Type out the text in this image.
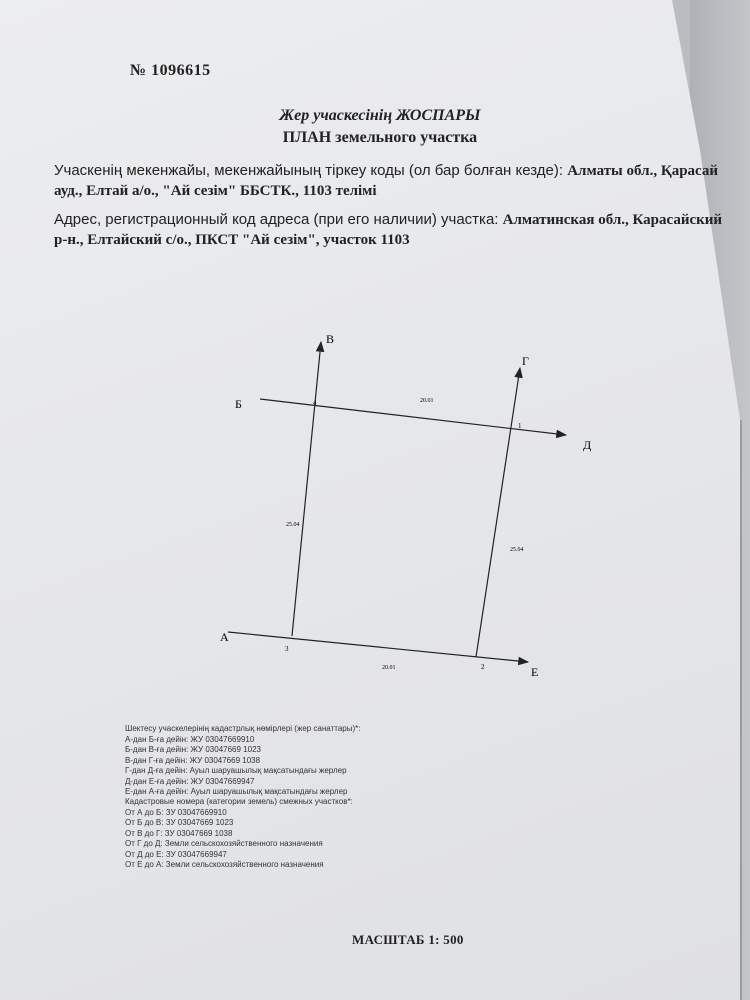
№ 1096615
Жер учаскесінің ЖОСПАРЫ
ПЛАН земельного участка
Учаскенің мекенжайы, мекенжайының тіркеу коды (ол бар болған кезде): Алматы обл., Қарасай ауд., Елтай а/о., "Ай сезім" ББСТК., 1103 телімі
Адрес, регистрационный код адреса (при его наличии) участка: Алматинская обл., Карасайский р-н., Елтайский с/о., ПКСТ "Ай сезім", участок 1103
Б
В
Г
Д
А
Е
4
1
3
2
20.01
25.04
25.04
20.01
Шектесу учаскелерінің кадастрлық нөмірлері (жер санаттары)*:
А-дан Б-ға дейін: ЖУ 03047669910
Б-дан В-ға дейін: ЖУ 03047669 1023
В-дан Г-ға дейін: ЖУ 03047669 1038
Г-дан Д-ға дейін: Ауыл шаруашылық мақсатындағы жерлер
Д-дан Е-ға дейін: ЖУ 03047669947
Е-дан А-ға дейін: Ауыл шаруашылық мақсатындағы жерлер
Кадастровые номера (категории земель) смежных участков*:
От А до Б: ЗУ 03047669910
От Б до В: ЗУ 03047669 1023
От В до Г: ЗУ 03047669 1038
От Г до Д: Земли сельскохозяйственного назначения
От Д до Е: ЗУ 03047669947
От Е до А: Земли сельскохозяйственного назначения
МАСШТАБ 1: 500
